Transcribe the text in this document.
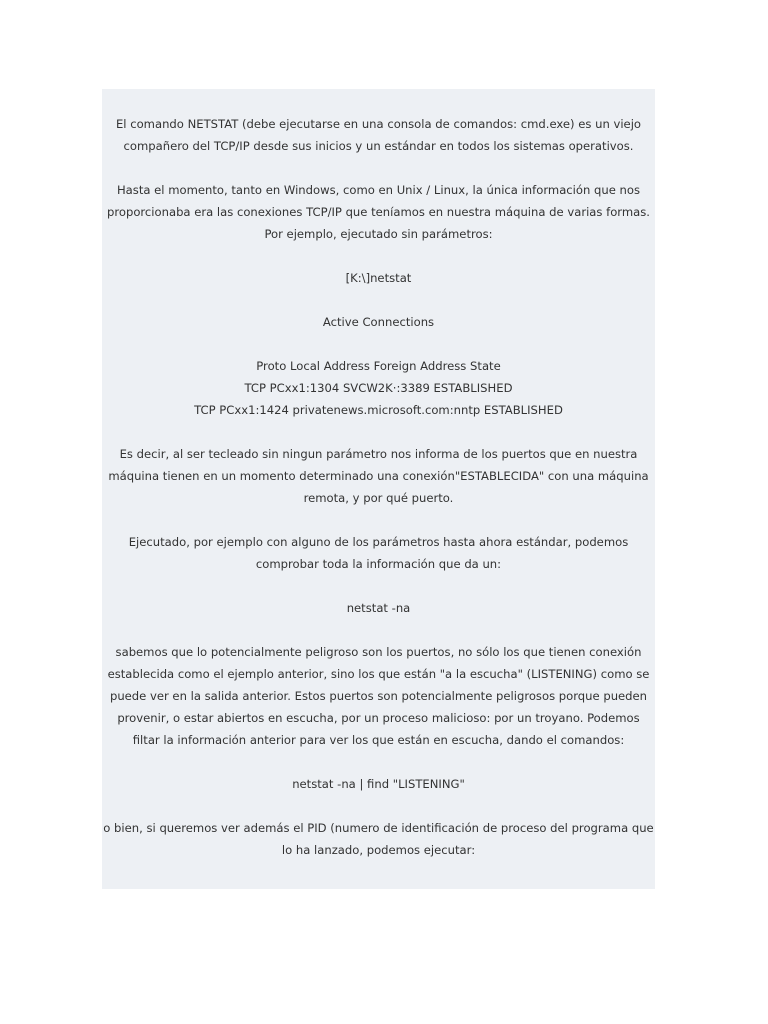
El comando NETSTAT (debe ejecutarse en una consola de comandos: cmd.exe) es un viejo
compañero del TCP/IP desde sus inicios y un estándar en todos los sistemas operativos.

Hasta el momento, tanto en Windows, como en Unix / Linux, la única información que nos
proporcionaba era las conexiones TCP/IP que teníamos en nuestra máquina de varias formas.
Por ejemplo, ejecutado sin parámetros:

[K:\]netstat

Active Connections

Proto Local Address Foreign Address State
TCP PCxx1:1304 SVCW2K·:3389 ESTABLISHED
TCP PCxx1:1424 privatenews.microsoft.com:nntp ESTABLISHED

Es decir, al ser tecleado sin ningun parámetro nos informa de los puertos que en nuestra
máquina tienen en un momento determinado una conexión"ESTABLECIDA" con una máquina
remota, y por qué puerto.

Ejecutado, por ejemplo con alguno de los parámetros hasta ahora estándar, podemos
comprobar toda la información que da un:

netstat -na

sabemos que lo potencialmente peligroso son los puertos, no sólo los que tienen conexión
establecida como el ejemplo anterior, sino los que están "a la escucha" (LISTENING) como se
puede ver en la salida anterior. Estos puertos son potencialmente peligrosos porque pueden
provenir, o estar abiertos en escucha, por un proceso malicioso: por un troyano. Podemos
filtar la información anterior para ver los que están en escucha, dando el comandos:

netstat -na | find "LISTENING"

o bien, si queremos ver además el PID (numero de identificación de proceso del programa que
lo ha lanzado, podemos ejecutar:
